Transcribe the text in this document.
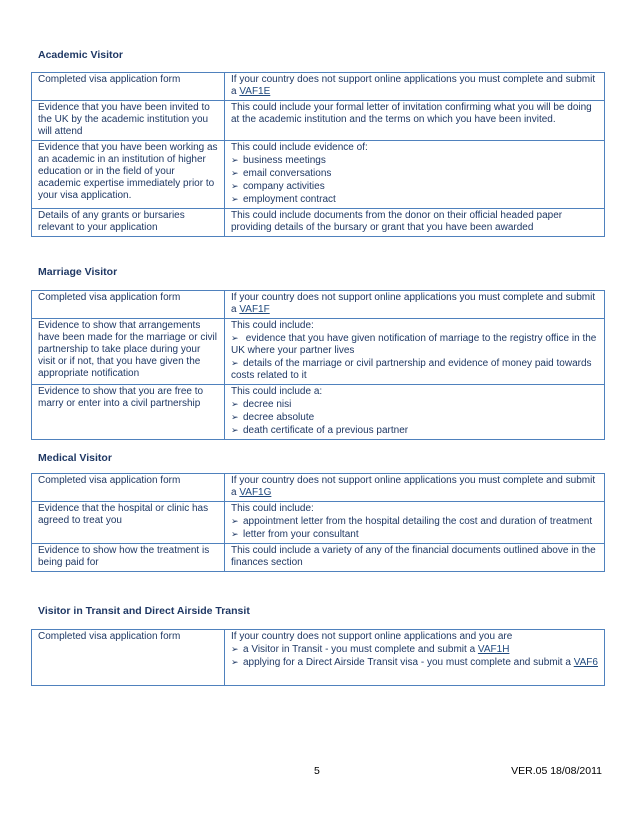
Academic Visitor
Completed visa application form	If your country does not support online applications you must complete and submit a VAF1E
Evidence that you have been invited to the UK by the academic institution you will attend	This could include your formal letter of invitation confirming what you will be doing at the academic institution and the terms on which you have been invited.
Evidence that you have been working as an academic in an institution of higher education or in the field of your academic expertise immediately prior to your visa application.	This could include evidence of:
➢ business meetings
➢ email conversations
➢ company activities
➢ employment contract

Details of any grants or bursaries relevant to your application	This could include documents from the donor on their official headed paper providing details of the bursary or grant that you have been awarded
Marriage Visitor
Completed visa application form	If your country does not support online applications you must complete and submit a VAF1F
Evidence to show that arrangements have been made for the marriage or civil partnership to take place during your visit or if not, that you have given the appropriate notification	This could include:
➢ evidence that you have given notification of marriage to the registry office in the UK where your partner lives
➢ details of the marriage or civil partnership and evidence of money paid towards costs related to it

Evidence to show that you are free to marry or enter into a civil partnership	This could include a:
➢ decree nisi
➢ decree absolute
➢ death certificate of a previous partner
Medical Visitor
Completed visa application form	If your country does not support online applications you must complete and submit a VAF1G
Evidence that the hospital or clinic has agreed to treat you	This could include:
➢ appointment letter from the hospital detailing the cost and duration of treatment
➢ letter from your consultant

Evidence to show how the treatment is being paid for	This could include a variety of any of the financial documents outlined above in the finances section
Visitor in Transit and Direct Airside Transit
Completed visa application form	If your country does not support online applications and you are
➢ a Visitor in Transit - you must complete and submit a VAF1H
➢ applying for a Direct Airside Transit visa - you must complete and submit a VAF6
5	VER.05 18/08/2011
